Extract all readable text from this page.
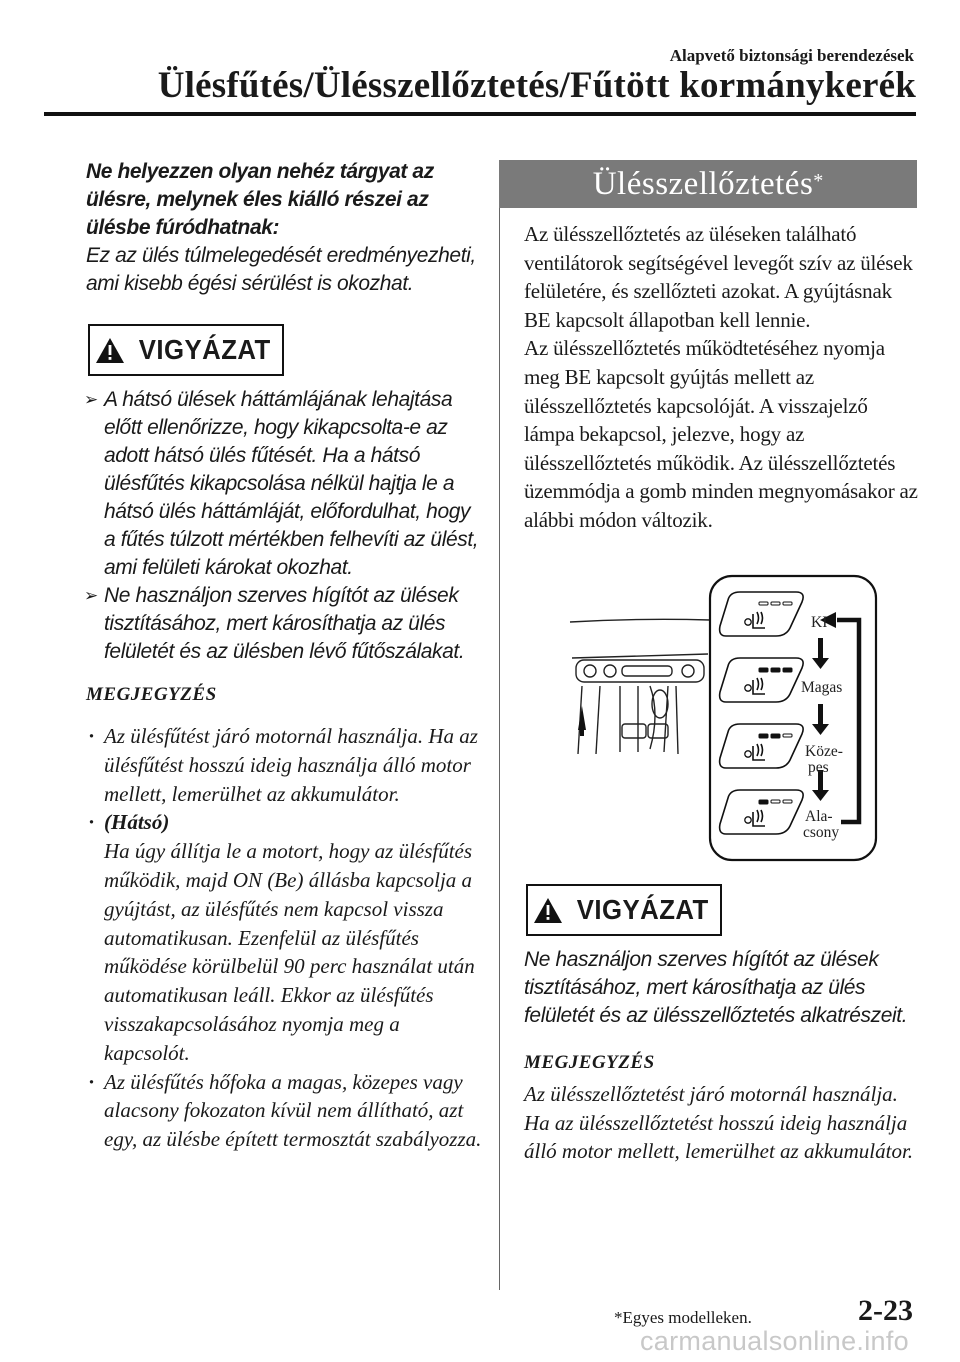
Alapvető biztonsági berendezések
Ülésfűtés/Ülésszellőztetés/Fűtött kormánykerék

Ne helyezzen olyan nehéz tárgyat az ülésre, melynek éles kiálló részei az ülésbe fúródhatnak:

Ez az ülés túlmelegedését eredményezheti, ami kisebb égési sérülést is okozhat.

VIGYÁZAT
➢ A hátsó ülések háttámlájának lehajtása előtt ellenőrizze, hogy kikapcsolta-e az adott hátsó ülés fűtését. Ha a hátsó ülésfűtés kikapcsolása nélkül hajtja le a hátsó ülés háttámláját, előfordulhat, hogy a fűtés túlzott mértékben felhevíti az ülést, ami felületi károkat okozhat.
➢ Ne használjon szerves hígítót az ülések tisztításához, mert károsíthatja az ülés felületét és az ülésben lévő fűtőszálakat.
MEGJEGYZÉS
· Az ülésfűtést járó motornál használja. Ha az ülésfűtést hosszú ideig használja álló motor mellett, lemerülhet az akkumulátor.
· (Hátsó)
Ha úgy állítja le a motort, hogy az ülésfűtés működik, majd ON (Be) állásba kapcsolja a gyújtást, az ülésfűtés nem kapcsol vissza automatikusan. Ezenfelül az ülésfűtés működése körülbelül 90 perc használat után automatikusan leáll. Ekkor az ülésfűtés visszakapcsolásához nyomja meg a kapcsolót.
· Az ülésfűtés hőfoka a magas, közepes vagy alacsony fokozaton kívül nem állítható, azt egy, az ülésbe épített termosztát szabályozza.
Ülésszellőztetés*
Az ülésszellőztetés az üléseken található ventilátorok segítségével levegőt szív az ülések felületére, és szellőzteti azokat. A gyújtásnak BE kapcsolt állapotban kell lennie.
Az ülésszellőztetés működtetéséhez nyomja meg BE kapcsolt gyújtás mellett az ülésszellőztetés kapcsolóját. A visszajelző lámpa bekapcsol, jelezve, hogy az ülésszellőztetés működik. Az ülésszellőztetés üzemmódja a gomb minden megnyomásakor az alábbi módon változik.
KI
Magas
Köze-
pes
Ala-
csony
VIGYÁZAT
Ne használjon szerves hígítót az ülések tisztításához, mert károsíthatja az ülés felületét és az ülésszellőztetés alkatrészeit.
MEGJEGYZÉS
Az ülésszellőztetést járó motornál használja. Ha az ülésszellőztetést hosszú ideig használja álló motor mellett, lemerülhet az akkumulátor.
*Egyes modelleken.	2-23
carmanualsonline.info
